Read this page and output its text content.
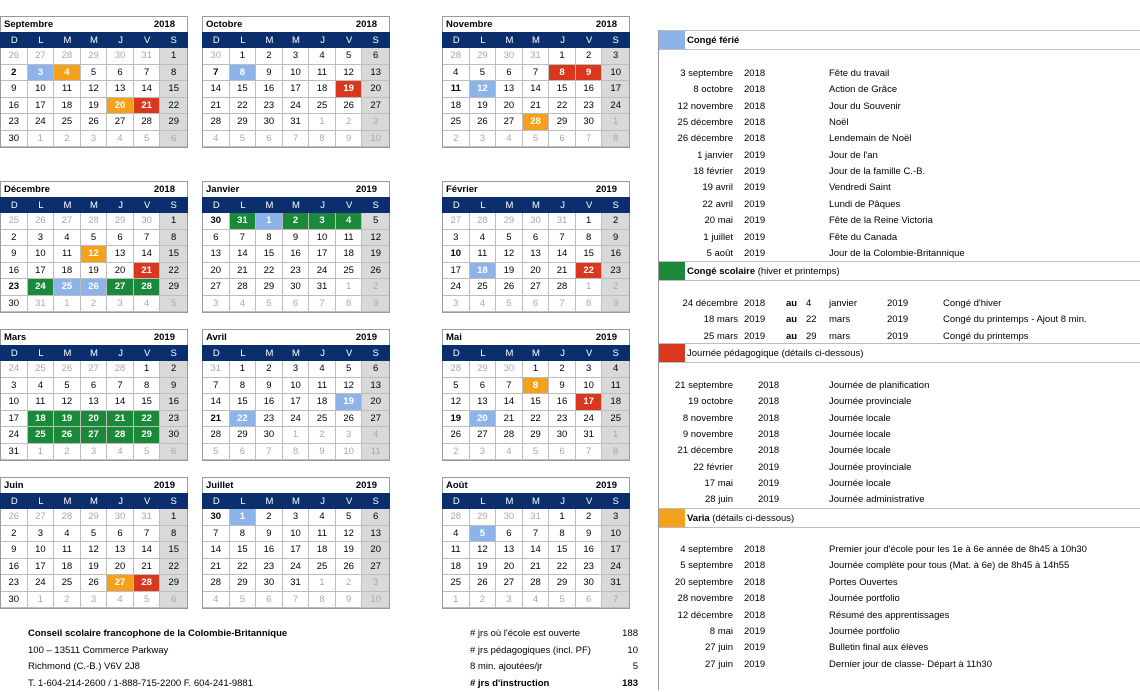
Septembre	2018
D	L	M	M	J	V	S
26	27	28	29	30	31	1
2	3	4	5	6	7	8
9	10	11	12	13	14	15
16	17	18	19	20	21	22
23	24	25	26	27	28	29
30	1	2	3	4	5	6
Octobre	2018
D	L	M	M	J	V	S
30	1	2	3	4	5	6
7	8	9	10	11	12	13
14	15	16	17	18	19	20
21	22	23	24	25	26	27
28	29	30	31	1	2	3
4	5	6	7	8	9	10
Novembre	2018
D	L	M	M	J	V	S
28	29	30	31	1	2	3
4	5	6	7	8	9	10
11	12	13	14	15	16	17
18	19	20	21	22	23	24
25	26	27	28	29	30	1
2	3	4	5	6	7	8
Décembre	2018
D	L	M	M	J	V	S
25	26	27	28	29	30	1
2	3	4	5	6	7	8
9	10	11	12	13	14	15
16	17	18	19	20	21	22
23	24	25	26	27	28	29
30	31	1	2	3	4	5
Janvier	2019
D	L	M	M	J	V	S
30	31	1	2	3	4	5
6	7	8	9	10	11	12
13	14	15	16	17	18	19
20	21	22	23	24	25	26
27	28	29	30	31	1	2
3	4	5	6	7	8	9
Février	2019
D	L	M	M	J	V	S
27	28	29	30	31	1	2
3	4	5	6	7	8	9
10	11	12	13	14	15	16
17	18	19	20	21	22	23
24	25	26	27	28	1	2
3	4	5	6	7	8	9
Mars	2019
D	L	M	M	J	V	S
24	25	26	27	28	1	2
3	4	5	6	7	8	9
10	11	12	13	14	15	16
17	18	19	20	21	22	23
24	25	26	27	28	29	30
31	1	2	3	4	5	6
Avril	2019
D	L	M	M	J	V	S
31	1	2	3	4	5	6
7	8	9	10	11	12	13
14	15	16	17	18	19	20
21	22	23	24	25	26	27
28	29	30	1	2	3	4
5	6	7	8	9	10	11
Mai	2019
D	L	M	M	J	V	S
28	29	30	1	2	3	4
5	6	7	8	9	10	11
12	13	14	15	16	17	18
19	20	21	22	23	24	25
26	27	28	29	30	31	1
2	3	4	5	6	7	8
Juin	2019
D	L	M	M	J	V	S
26	27	28	29	30	31	1
2	3	4	5	6	7	8
9	10	11	12	13	14	15
16	17	18	19	20	21	22
23	24	25	26	27	28	29
30	1	2	3	4	5	6
Juillet	2019
D	L	M	M	J	V	S
30	1	2	3	4	5	6
7	8	9	10	11	12	13
14	15	16	17	18	19	20
21	22	23	24	25	26	27
28	29	30	31	1	2	3
4	5	6	7	8	9	10
Août	2019
D	L	M	M	J	V	S
28	29	30	31	1	2	3
4	5	6	7	8	9	10
11	12	13	14	15	16	17
18	19	20	21	22	23	24
25	26	27	28	29	30	31
1	2	3	4	5	6	7
Congé férié
3 septembre 2018	Fête du travail
8 octobre 2018	Action de Grâce
12 novembre 2018	Jour du Souvenir
25 décembre 2018	Noël
26 décembre 2018	Lendemain de Noël
1 janvier 2019	Jour de l'an
18 février 2019	Jour de la famille C.-B.
19 avril 2019	Vendredi Saint
22 avril 2019	Lundi de Pâques
20 mai 2019	Fête de la Reine Victoria
1 juillet 2019	Fête du Canada
5 août 2019	Jour de la Colombie-Britannique
Congé scolaire
(hiver et printemps)
24 décembre 2018 au 4 janvier	2019	Congé d'hiver
18 mars 2019 au 22 mars	2019	Congé du printemps - Ajout 8 min.
25 mars 2019 au 29 mars	2019	Congé du printemps
Journée pédagogique
(détails ci-dessous)
21 septembre	2018	Journée de planification
19 octobre	2018	Journée provinciale
8 novembre	2018	Journée locale
9 novembre	2018	Journée locale
21 décembre	2018	Journée locale
22 février	2019	Journée provinciale
17 mai	2019	Journée locale
28 juin	2019	Journée administrative
Varia
(détails ci-dessous)
4 septembre 2018	Premier jour d'école pour les 1e à 6e année de 8h45 à 10h30
5 septembre 2018	Journée complète pour tous (Mat. à 6e) de 8h45 à 14h55
20 septembre 2018	Portes Ouvertes
28 novembre 2018	Journée portfolio
12 décembre 2018	Résumé des apprentissages
8 mai 2019	Journée portfolio
27 juin 2019	Bulletin final aux élèves
27 juin 2019	Dernier jour de classe- Départ à 11h30
Conseil scolaire francophone de la Colombie-Britannique
100 – 13511 Commerce Parkway
Richmond (C.-B.) V6V 2J8
T. 1-604-214-2600 / 1-888-715-2200 F. 604-241-9881
# jrs où l'école est ouverte	188
# jrs pédagogiques (incl. PF)	10
8 min. ajoutées/jr	5
# jrs d'instruction	183
